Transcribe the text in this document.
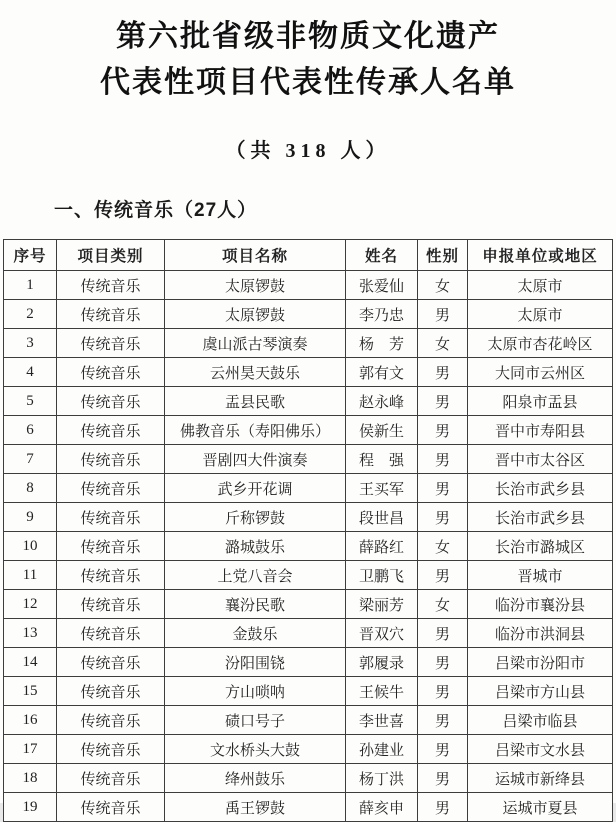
第六批省级非物质文化遗产
代表性项目代表性传承人名单
（共 318 人）
一、传统音乐（27人）
序号	项目类别	项目名称	姓名	性别	申报单位或地区
1	传统音乐	太原锣鼓	张爱仙	女	太原市
2	传统音乐	太原锣鼓	李乃忠	男	太原市
3	传统音乐	虞山派古琴演奏	杨　芳	女	太原市杏花岭区
4	传统音乐	云州昊天鼓乐	郭有文	男	大同市云州区
5	传统音乐	盂县民歌	赵永峰	男	阳泉市盂县
6	传统音乐	佛教音乐（寿阳佛乐）	侯新生	男	晋中市寿阳县
7	传统音乐	晋剧四大件演奏	程　强	男	晋中市太谷区
8	传统音乐	武乡开花调	王买军	男	长治市武乡县
9	传统音乐	斤称锣鼓	段世昌	男	长治市武乡县
10	传统音乐	潞城鼓乐	薛路红	女	长治市潞城区
11	传统音乐	上党八音会	卫鹏飞	男	晋城市
12	传统音乐	襄汾民歌	梁丽芳	女	临汾市襄汾县
13	传统音乐	金鼓乐	晋双穴	男	临汾市洪洞县
14	传统音乐	汾阳围铙	郭履录	男	吕梁市汾阳市
15	传统音乐	方山唢呐	王候牛	男	吕梁市方山县
16	传统音乐	碛口号子	李世喜	男	吕梁市临县
17	传统音乐	文水桥头大鼓	孙建业	男	吕梁市文水县
18	传统音乐	绛州鼓乐	杨丁洪	男	运城市新绛县
19	传统音乐	禹王锣鼓	薛亥申	男	运城市夏县
